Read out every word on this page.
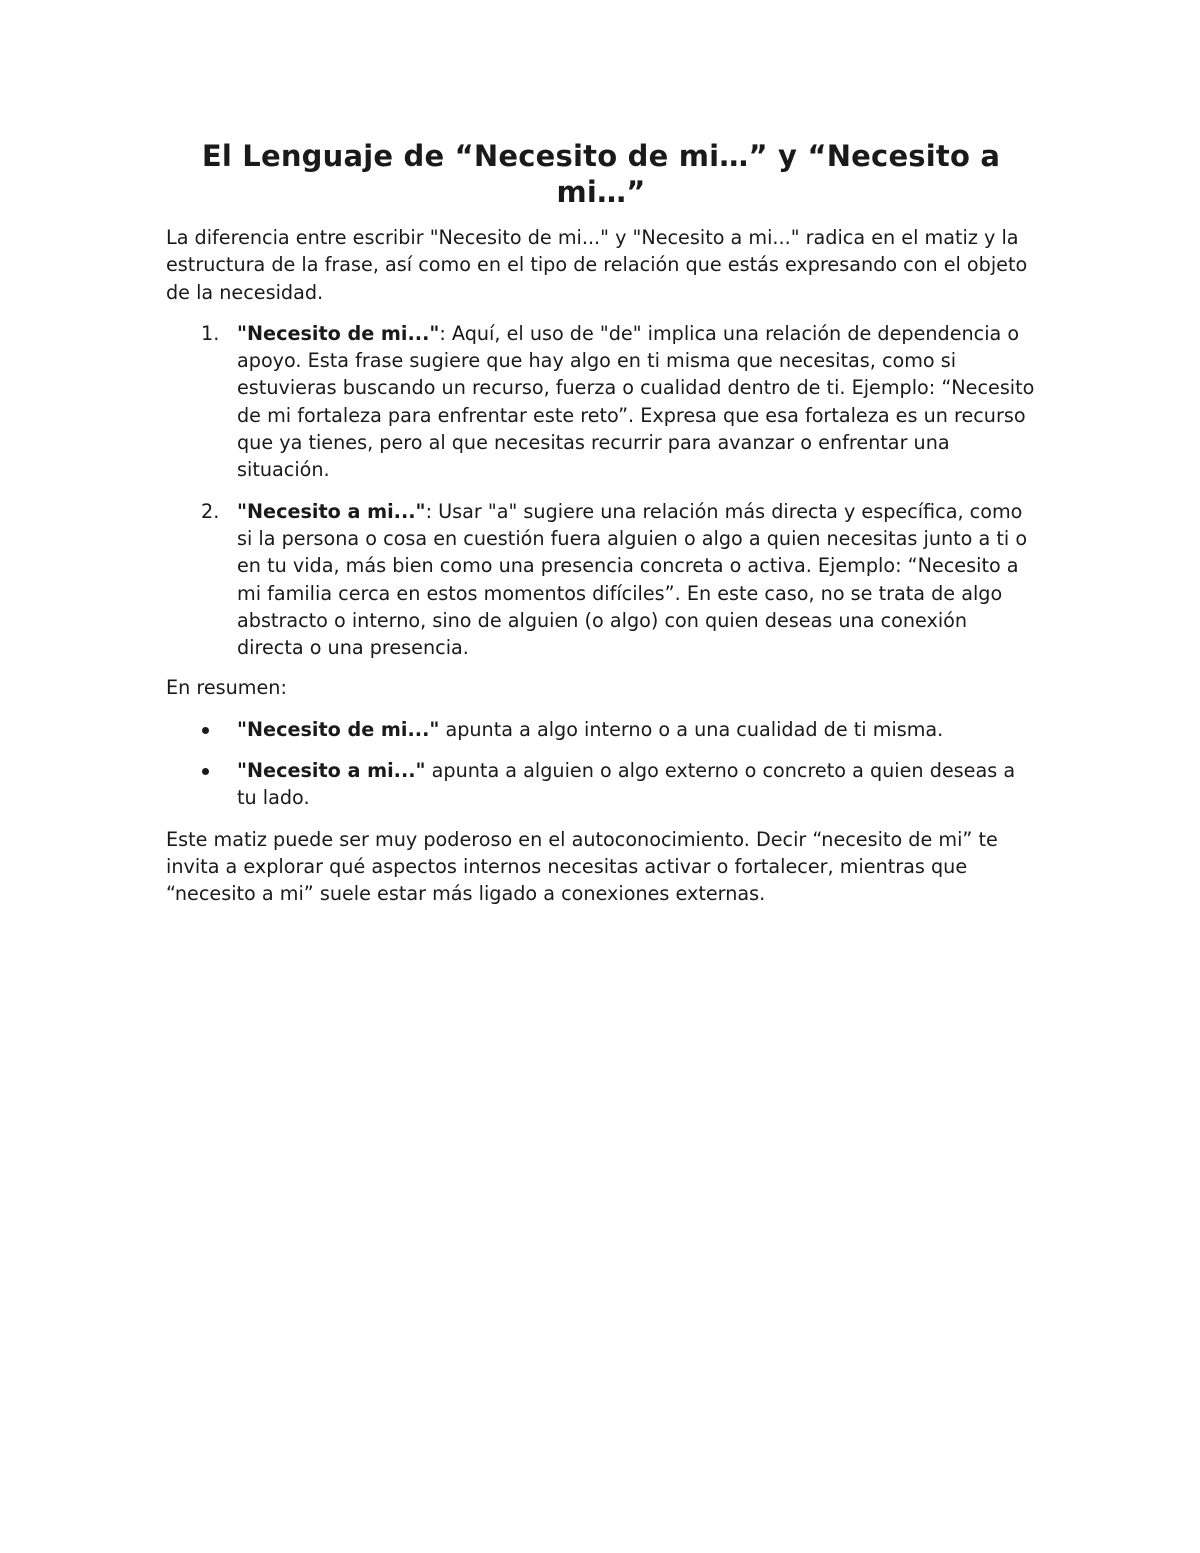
El Lenguaje de “Necesito de mi…” y “Necesito a mi…”

La diferencia entre escribir "Necesito de mi..." y "Necesito a mi..." radica en el matiz y la estructura de la frase, así como en el tipo de relación que estás expresando con el objeto de la necesidad.

1. "Necesito de mi...": Aquí, el uso de "de" implica una relación de dependencia o apoyo. Esta frase sugiere que hay algo en ti misma que necesitas, como si estuvieras buscando un recurso, fuerza o cualidad dentro de ti. Ejemplo: “Necesito de mi fortaleza para enfrentar este reto”. Expresa que esa fortaleza es un recurso que ya tienes, pero al que necesitas recurrir para avanzar o enfrentar una situación.
2. "Necesito a mi...": Usar "a" sugiere una relación más directa y específica, como si la persona o cosa en cuestión fuera alguien o algo a quien necesitas junto a ti o en tu vida, más bien como una presencia concreta o activa. Ejemplo: “Necesito a mi familia cerca en estos momentos difíciles”. En este caso, no se trata de algo abstracto o interno, sino de alguien (o algo) con quien deseas una conexión directa o una presencia.

En resumen:

"Necesito de mi..." apunta a algo interno o a una cualidad de ti misma.
"Necesito a mi..." apunta a alguien o algo externo o concreto a quien deseas a tu lado.

Este matiz puede ser muy poderoso en el autoconocimiento. Decir “necesito de mi” te invita a explorar qué aspectos internos necesitas activar o fortalecer, mientras que “necesito a mi” suele estar más ligado a conexiones externas.
